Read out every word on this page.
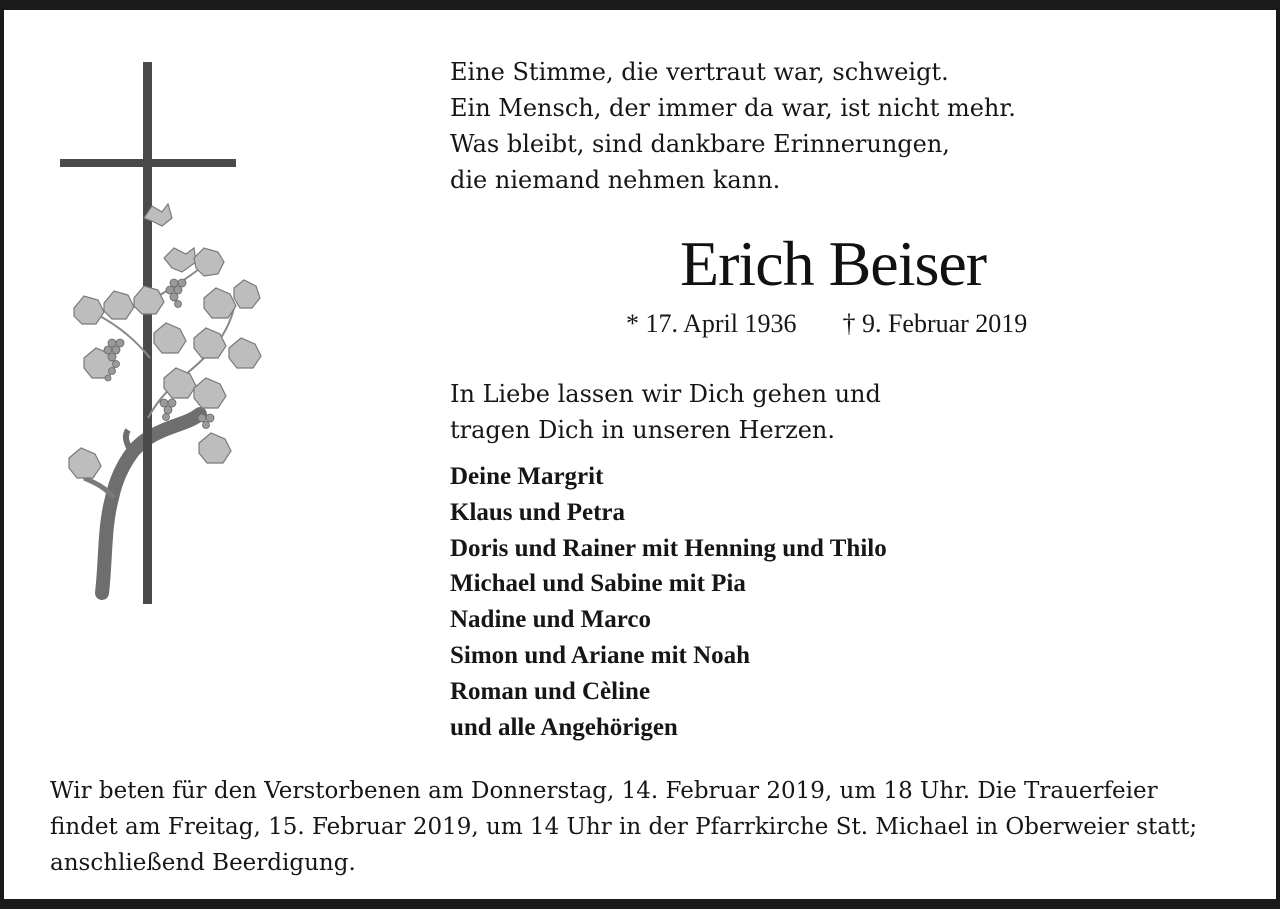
Eine Stimme, die vertraut war, schweigt.
Ein Mensch, der immer da war, ist nicht mehr.
Was bleibt, sind dankbare Erinnerungen,
die niemand nehmen kann.
Erich Beiser
* 17. April 1936 † 9. Februar 2019
In Liebe lassen wir Dich gehen und
tragen Dich in unseren Herzen.
Deine Margrit
Klaus und Petra
Doris und Rainer mit Henning und Thilo
Michael und Sabine mit Pia
Nadine und Marco
Simon und Ariane mit Noah
Roman und Cèline
und alle Angehörigen
Wir beten für den Verstorbenen am Donnerstag, 14. Februar 2019, um 18 Uhr. Die Trauerfeier
findet am Freitag, 15. Februar 2019, um 14 Uhr in der Pfarrkirche St. Michael in Oberweier statt;
anschließend Beerdigung.
